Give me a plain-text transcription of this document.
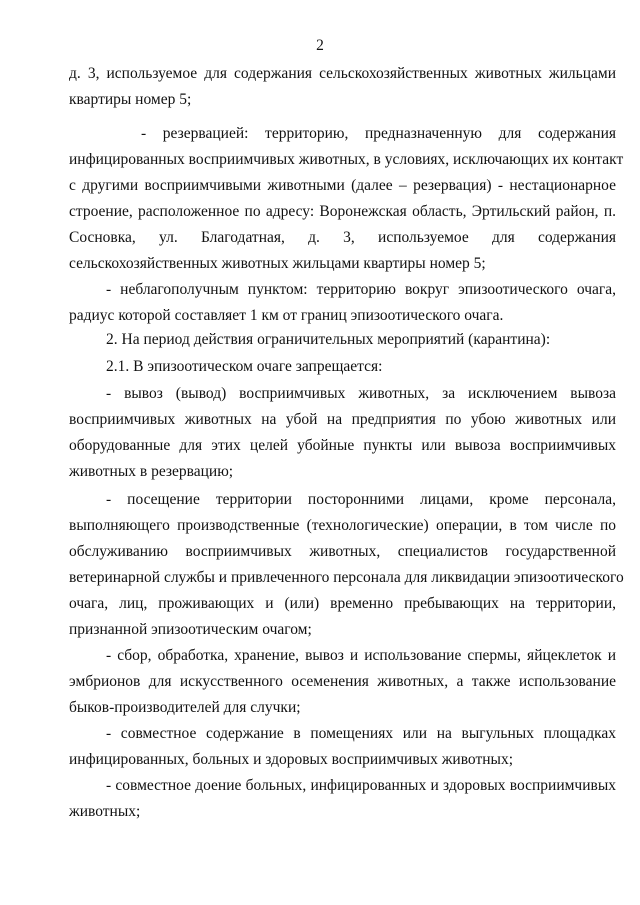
2
д. 3, используемое для содержания сельскохозяйственных животных жильцами
квартиры номер 5;
- резервацией: территорию, предназначенную для содержания
инфицированных восприимчивых животных, в условиях, исключающих их контакт
с другими восприимчивыми животными (далее – резервация) - нестационарное
строение, расположенное по адресу: Воронежская область, Эртильский район, п.
Сосновка, ул. Благодатная, д. 3, используемое для содержания
сельскохозяйственных животных жильцами квартиры номер 5;
- неблагополучным пунктом: территорию вокруг эпизоотического очага,
радиус которой составляет 1 км от границ эпизоотического очага.
2. На период действия ограничительных мероприятий (карантина):
2.1. В эпизоотическом очаге запрещается:
- вывоз (вывод) восприимчивых животных, за исключением вывоза
восприимчивых животных на убой на предприятия по убою животных или
оборудованные для этих целей убойные пункты или вывоза восприимчивых
животных в резервацию;
- посещение территории посторонними лицами, кроме персонала,
выполняющего производственные (технологические) операции, в том числе по
обслуживанию восприимчивых животных, специалистов государственной
ветеринарной службы и привлеченного персонала для ликвидации эпизоотического
очага, лиц, проживающих и (или) временно пребывающих на территории,
признанной эпизоотическим очагом;
- сбор, обработка, хранение, вывоз и использование спермы, яйцеклеток и
эмбрионов для искусственного осеменения животных, а также использование
быков-производителей для случки;
- совместное содержание в помещениях или на выгульных площадках
инфицированных, больных и здоровых восприимчивых животных;
- совместное доение больных, инфицированных и здоровых восприимчивых
животных;
